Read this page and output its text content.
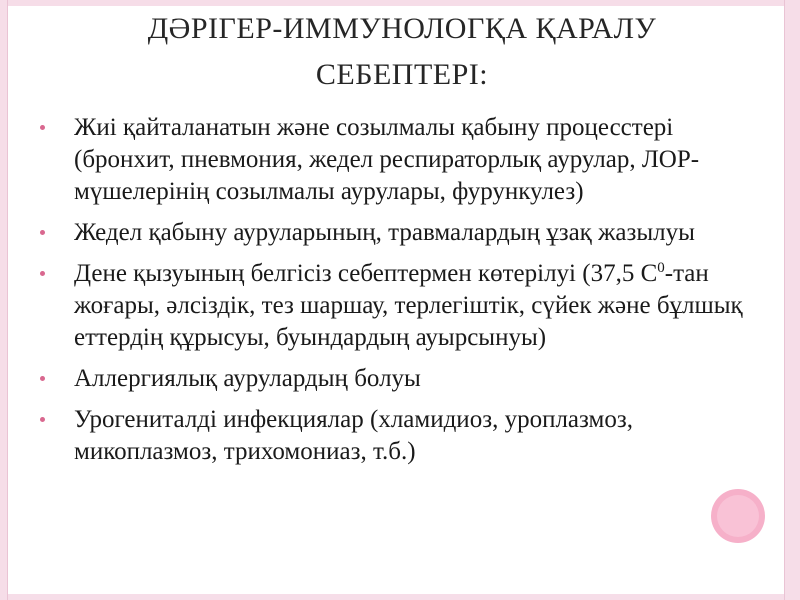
ДӘРІГЕР-ИММУНОЛОГҚА ҚАРАЛУ
СЕБЕПТЕРІ:
Жиі қайталанатын және созылмалы қабыну процесстері (бронхит, пневмония, жедел респираторлық аурулар, ЛОР-мүшелерінің созылмалы аурулары, фурункулез)
Жедел қабыну ауруларының, травмалардың ұзақ жазылуы
Дене қызуының белгісіз себептермен көтерілуі (37,5 $С^0$-тан жоғары, әлсіздік, тез шаршау, терлегіштік, сүйек және бұлшық еттердің құрысуы, буындардың ауырсынуы)
Аллергиялық аурулардың болуы
Урогениталді инфекциялар (хламидиоз, уроплазмоз, микоплазмоз, трихомониаз, т.б.)
